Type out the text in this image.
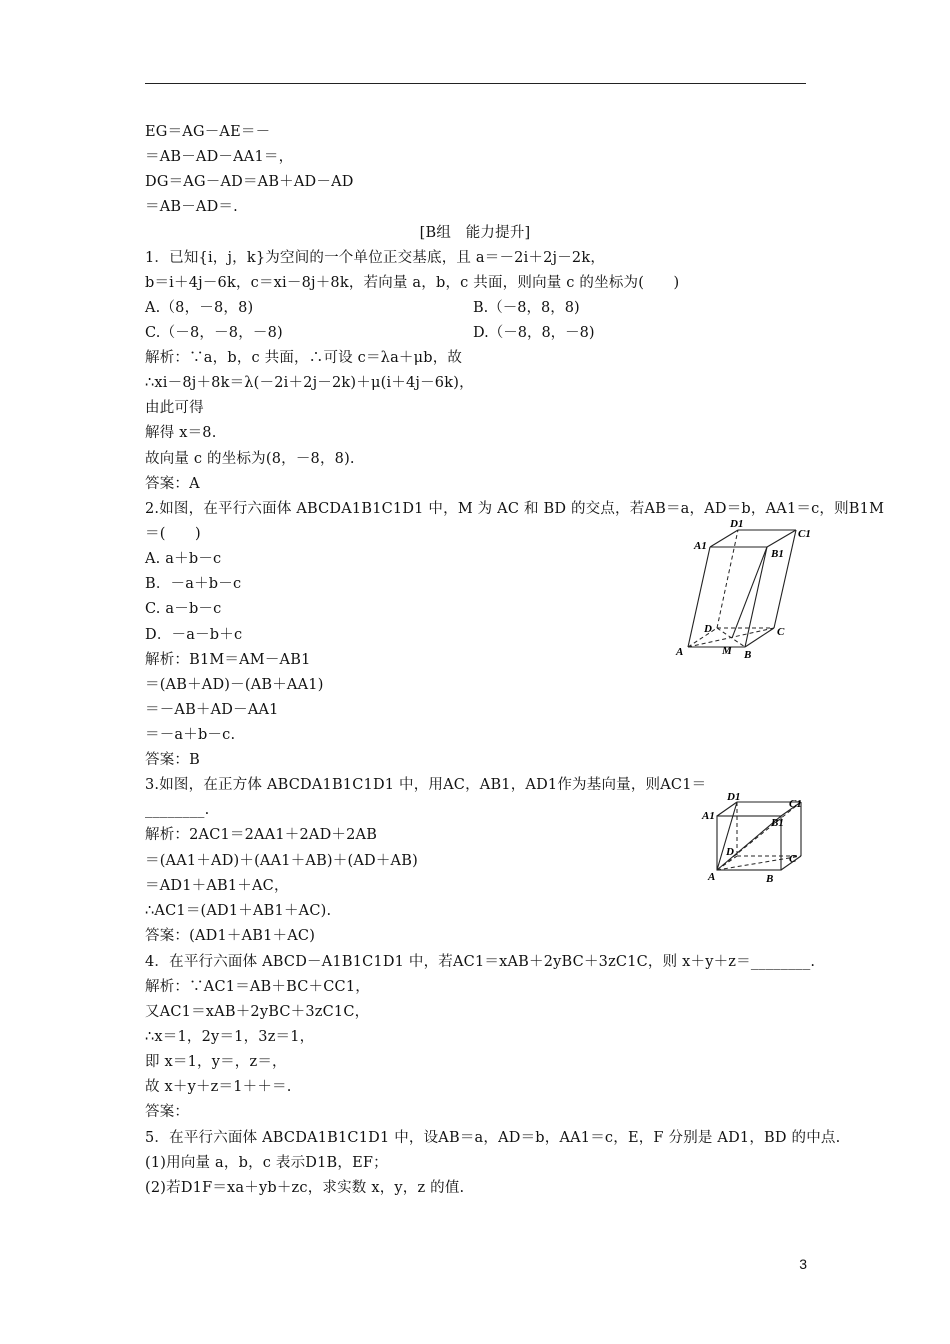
EG＝AG－AE＝－
＝AB－AD－AA1＝，
DG＝AG－AD＝AB＋AD－AD
＝AB－AD＝.
[B组　能力提升]
1．已知{i，j，k}为空间的一个单位正交基底，且 a＝－2i＋2j－2k，
b＝i＋4j－6k，c＝xi－8j＋8k，若向量 a，b，c 共面，则向量 c 的坐标为(　　)
A.（8，－8，8)	B.（－8，8，8)
C.（－8，－8，－8)	D.（－8，8，－8)
解析：∵a，b，c 共面，∴可设 c＝λa＋μb，故
∴xi－8j＋8k＝λ(－2i＋2j－2k)＋μ(i＋4j－6k)，
由此可得
解得 x＝8.
故向量 c 的坐标为(8，－8，8).
答案：A
2.如图，在平行六面体 ABCDA1B1C1D1 中，M 为 AC 和 BD 的交点，若AB＝a，AD＝b，AA1＝c，则B1M
＝(　　)
A. a＋b－c
B．－a＋b－c
C. a－b－c
D．－a－b＋c
解析：B1M＝AM－AB1
＝(AB＋AD)－(AB＋AA1)
＝－AB＋AD－AA1
＝－a＋b－c.
答案：B
3.如图，在正方体 ABCDA1B1C1D1 中，用AC，AB1，AD1作为基向量，则AC1＝
________.
解析：2AC1＝2AA1＋2AD＋2AB
＝(AA1＋AD)＋(AA1＋AB)＋(AD＋AB)
＝AD1＋AB1＋AC，
∴AC1＝(AD1＋AB1＋AC).
答案：(AD1＋AB1＋AC)
4．在平行六面体 ABCD－A1B1C1D1 中，若AC1＝xAB＋2yBC＋3zC1C，则 x＋y＋z＝________.
解析：∵AC1＝AB＋BC＋CC1，
又AC1＝xAB＋2yBC＋3zC1C，
∴x＝1，2y＝1，3z＝1，
即 x＝1，y＝，z＝，
故 x＋y＋z＝1＋＋＝.
答案：
5．在平行六面体 ABCDA1B1C1D1 中，设AB＝a，AD＝b，AA1＝c，E，F 分别是 AD1，BD 的中点.
(1)用向量 a，b，c 表示D1B，EF；
(2)若D1F＝xa＋yb＋zc，求实数 x，y，z 的值.
A	B
C
D
M
A1
B1
C1
D1
A	B
C
D
A1
B1
C1
D1
3
